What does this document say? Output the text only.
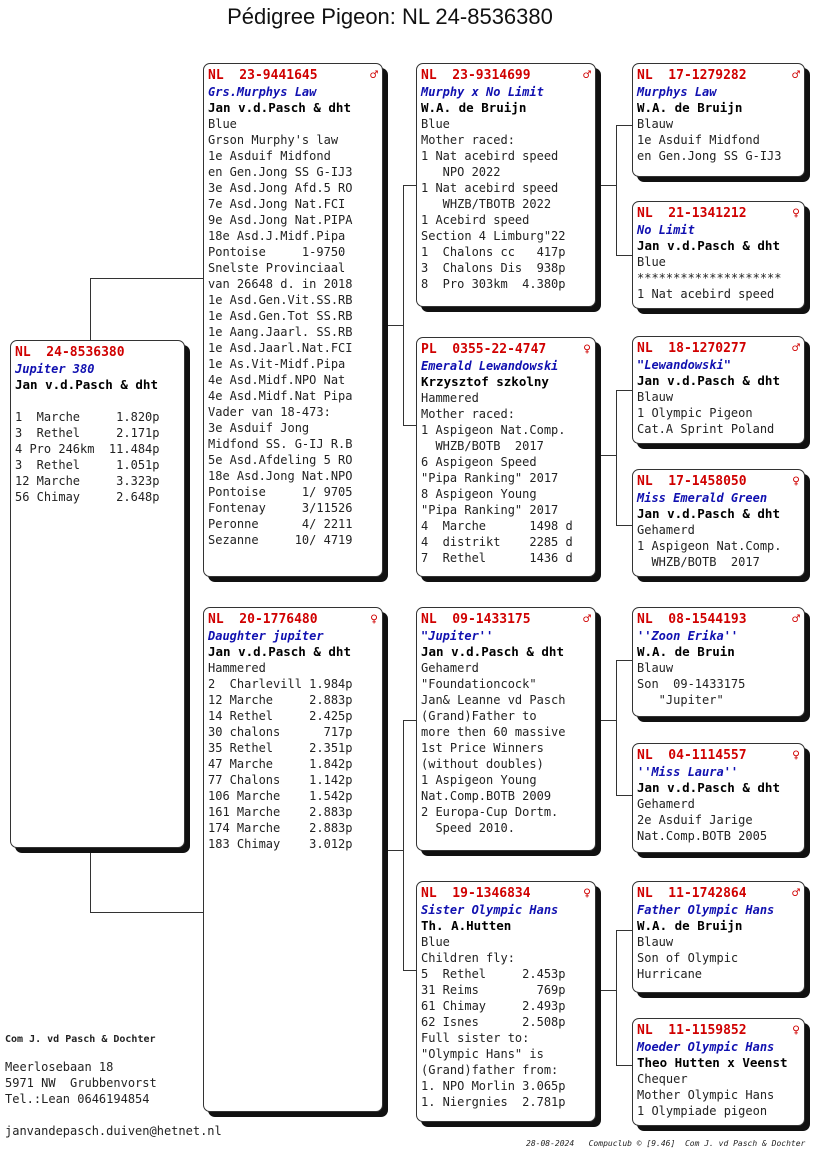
Pédigree Pigeon: NL 24-8536380
NL  24-8536380
Jupiter 380
Jan v.d.Pasch & dht
1  Marche     1.820p
3  Rethel     2.171p
4 Pro 246km  11.484p
3  Rethel     1.051p
12 Marche     3.323p
56 Chimay     2.648p
NL  23-9441645	♂
Grs.Murphys Law
Jan v.d.Pasch & dht
Blue
Grson Murphy's law
1e Asduif Midfond
en Gen.Jong SS G-IJ3
3e Asd.Jong Afd.5 RO
7e Asd.Jong Nat.FCI
9e Asd.Jong Nat.PIPA
18e Asd.J.Midf.Pipa
Pontoise     1-9750
Snelste Provinciaal
van 26648 d. in 2018
1e Asd.Gen.Vit.SS.RB
1e Asd.Gen.Tot SS.RB
1e Aang.Jaarl. SS.RB
1e Asd.Jaarl.Nat.FCI
1e As.Vit-Midf.Pipa
4e Asd.Midf.NPO Nat
4e Asd.Midf.Nat Pipa
Vader van 18-473:
3e Asduif Jong
Midfond SS. G-IJ R.B
5e Asd.Afdeling 5 RO
18e Asd.Jong Nat.NPO
Pontoise     1/ 9705
Fontenay     3/11526
Peronne      4/ 2211
Sezanne     10/ 4719
NL  20-1776480	♀
Daughter jupiter
Jan v.d.Pasch & dht
Hammered
2  Charlevill 1.984p
12 Marche     2.883p
14 Rethel     2.425p
30 chalons      717p
35 Rethel     2.351p
47 Marche     1.842p
77 Chalons    1.142p
106 Marche    1.542p
161 Marche    2.883p
174 Marche    2.883p
183 Chimay    3.012p
NL  23-9314699	♂
Murphy x No Limit
W.A. de Bruijn
Blue
Mother raced:
1 Nat acebird speed
NPO 2022
1 Nat acebird speed
WHZB/TBOTB 2022
1 Acebird speed
Section 4 Limburg"22
1  Chalons cc   417p
3  Chalons Dis  938p
8  Pro 303km  4.380p
PL  0355-22-4747	♀
Emerald Lewandowski
Krzysztof szkolny
Hammered
Mother raced:
1 Aspigeon Nat.Comp.
WHZB/BOTB  2017
6 Aspigeon Speed
"Pipa Ranking" 2017
8 Aspigeon Young
"Pipa Ranking" 2017
4  Marche      1498 d
4  distrikt    2285 d
7  Rethel      1436 d
NL  09-1433175	♂
"Jupiter''
Jan v.d.Pasch & dht
Gehamerd
"Foundationcock"
Jan& Leanne vd Pasch
(Grand)Father to
more then 60 massive
1st Price Winners
(without doubles)
1 Aspigeon Young
Nat.Comp.BOTB 2009
2 Europa-Cup Dortm.
Speed 2010.
NL  19-1346834	♀
Sister Olympic Hans
Th. A.Hutten
Blue
Children fly:
5  Rethel     2.453p
31 Reims        769p
61 Chimay     2.493p
62 Isnes      2.508p
Full sister to:
"Olympic Hans" is
(Grand)father from:
1. NPO Morlin 3.065p
1. Niergnies  2.781p
NL  17-1279282	♂
Murphys Law
W.A. de Bruijn
Blauw
1e Asduif Midfond
en Gen.Jong SS G-IJ3
NL  21-1341212	♀
No Limit
Jan v.d.Pasch & dht
Blue
********************
1 Nat acebird speed
NL  18-1270277	♂
"Lewandowski"
Jan v.d.Pasch & dht
Blauw
1 Olympic Pigeon
Cat.A Sprint Poland
NL  17-1458050	♀
Miss Emerald Green
Jan v.d.Pasch & dht
Gehamerd
1 Aspigeon Nat.Comp.
WHZB/BOTB  2017
NL  08-1544193	♂
''Zoon Erika''
W.A. de Bruin
Blauw
Son  09-1433175
"Jupiter"
NL  04-1114557	♀
''Miss Laura''
Jan v.d.Pasch & dht
Gehamerd
2e Asduif Jarige
Nat.Comp.BOTB 2005
NL  11-1742864	♂
Father Olympic Hans
W.A. de Bruijn
Blauw
Son of Olympic
Hurricane
NL  11-1159852	♀
Moeder Olympic Hans
Theo Hutten x Veenst
Chequer
Mother Olympic Hans
1 Olympiade pigeon
Com J. vd Pasch & Dochter
Meerlosebaan 18
5971 NW  Grubbenvorst
Tel.:Lean 0646194854
janvandepasch.duiven@hetnet.nl
28-08-2024   Compuclub © [9.46]  Com J. vd Pasch & Dochter
